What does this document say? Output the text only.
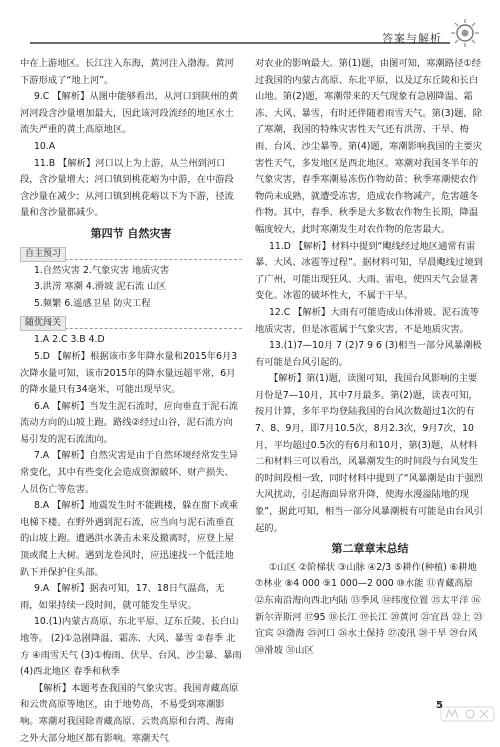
答案与解析

中在上游地区。长江注入东海，黄河注入渤海。黄河下游形成了“地上河”。

9.C 【解析】从图中能够看出，从河口到陕州的黄河河段含沙量增加最大，因此该河段流经的地区水土流失严重的黄土高原地区。

10.A

11.B 【解析】河口以上为上游，从兰州到河口段，含沙量增大；河口镇到桃花峪为中游，在中游段含沙量在减少；从河口镇到桃花峪以下为下游，径流量和含沙量都减少。

第四节 自然灾害
自主预习

1.自然灾害 2.气象灾害 地质灾害

3.洪涝 寒潮 4.滑坡 泥石流 山区

5.频繁 6.遥感卫星 防灾工程

随优闯关

1.A 2.C 3.B 4.D

5.D 【解析】根据该市多年降水量和2015年6月3次降水量可知，该市2015年的降水量远超平常，6月的降水量只有34毫米，可能出现旱灾。

6.A 【解析】当发生泥石流时，应向垂直于泥石流流动方向的山坡上跑。路线②经过山谷，泥石流方向易引发的泥石流流向。

7.A 【解析】自然灾害是由于自然环境经常发生异常变化，其中有些变化会造成资源破坏、财产损失、人员伤亡等危害。

8.A 【解析】地震发生时不能跳楼，躲在窗下或乘电梯下楼。在野外遇到泥石流，应当向与泥石流垂直的山坡上跑。遭遇洪水袭击未来及撤离时，应登上屋顶或爬上大树。遇到龙卷风时，应迅速找一个低洼地趴下并保护住头部。

9.A 【解析】据表可知，17、18日气温高，无雨，如果持续一段时间，就可能发生旱灾。

10.(1)内蒙古高原、东北平原、辽东丘陵、长白山地等。 (2)①急剧降温、霜冻、大风、暴雪 ②春季 北方 ④雨雪天气 (3)①梅雨、伏旱、台风、沙尘暴、暴雨 (4)西北地区 春季和秋季

【解析】本题考查我国的气象灾害。我国青藏高原和云贵高原等地区，由于地势高，不易受到寒潮影响。寒潮对我国除青藏高原、云贵高原和台湾、海南之外大部分地区都有影响。寒潮天气

对农业的影响最大。第(1)题，由图可知，寒潮路径①经过我国的内蒙古高原、东北平原，以及辽东丘陵和长白山地。第(2)题，寒潮带来的天气现象有急剧降温、霜冻、大风、暴雪，有时还伴随着雨雪天气。第(3)题，除了寒潮，我国的特殊灾害性天气还有洪涝、干旱、梅雨、台风、沙尘暴等。第(4)题，寒潮影响我国的主要灾害性天气，多发地区是西北地区。寒潮对我国冬半年的气象灾害，春季寒潮易冻伤作物幼苗；秋季寒潮使农作物尚未成熟，就遭受冻害，造成农作物减产，危害越冬作物。其中，春季、秋季是大多数农作物生长期，降温幅度较大，此时寒潮发生对农作物的危害最大。

11.D 【解析】材料中提到“飑线经过地区通常有雷暴、大风、冰雹等过程”。据材料可知，早晨飑线过境到了广州，可能出现狂风、大雨、雷电，使四天气会显著变化。冰雹的破坏性大，不属于干旱。

12.C 【解析】大雨有可能造成山体滑坡、泥石流等地质灾害，但是冰雹属于气象灾害，不是地质灾害。

13.(1)7—10月 7 (2)7 9 6 (3)相当一部分风暴潮极有可能是台风引起的。

【解析】第(1)题，读图可知，我国台风影响的主要月份是7—10月，其中7月最多。第(2)题，读表可知，按月计算，多年平均登陆我国的台风次数超过1次的有7、8、9月，即7月10.5次，8月2.3次，9月7次，10月，平均超过0.5次的有6月和10月，第(3)题，从材料二和材料三可以看出，风暴潮发生的时间段与台风发生的时间段相一致，同时材料中提到了“风暴潮是由于强烈大风扰动，引起海面异常升降，使海水漫溢陆地的现象”，据此可知，相当一部分风暴潮极有可能是由台风引起的。

第二章章末总结

①山区 ②阶梯状 ③山脉 ④2/3 ⑤耕作(种植) ⑥耕地 ⑦林业 ⑧4 000 ⑨1 000—2 000 ⑩水能 ⑪青藏高原 ⑫东南沿海向西北内陆 ⑬季风 ⑭纬度位置 ⑮太平洋 ⑯新尔弄斯河 ⑰95 ⑱长江 ⑲长江 ⑳黄河 ㉑宜昌 ㉒上 ㉓宜宾 ㉔渤海 ㉕河口 ㉖水土保持 ㉗凌汛 ㉘干旱 ㉙台风 ㉚滑坡 ㉛山区

5
